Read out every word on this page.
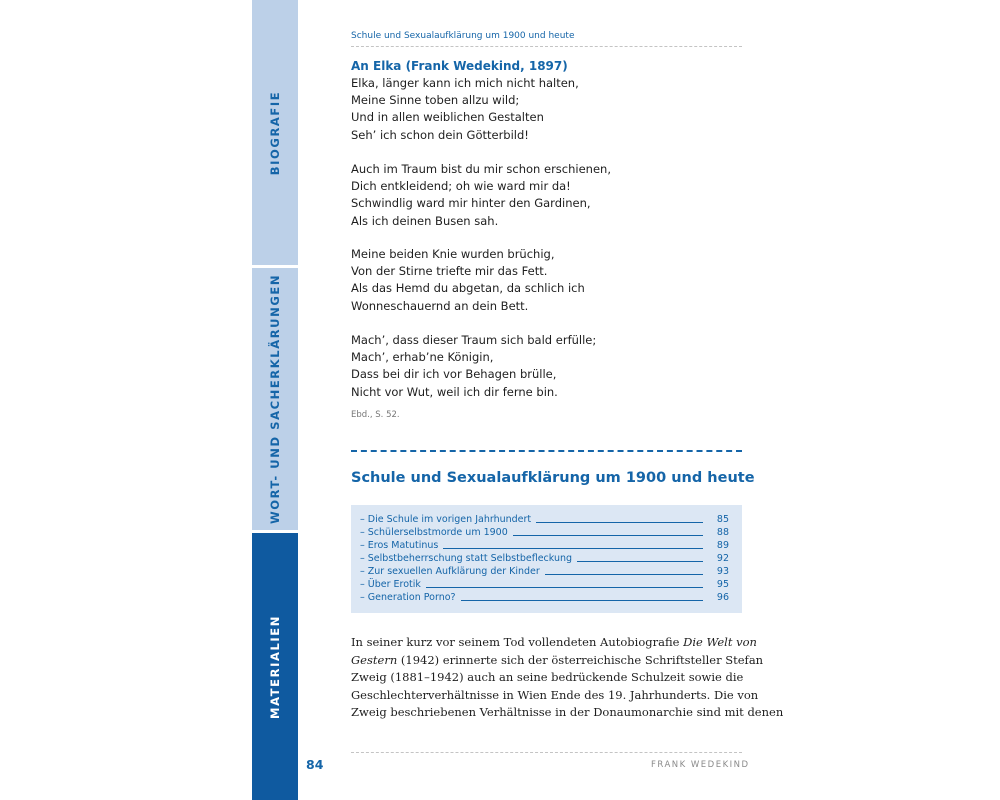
BIOGRAFIE
WORT- UND SACHERKLÄRUNGEN
MATERIALIEN
Schule und Sexualaufklärung um 1900 und heute
An Elka (Frank Wedekind, 1897)
Elka, länger kann ich mich nicht halten,
Meine Sinne toben allzu wild;
Und in allen weiblichen Gestalten
Seh’ ich schon dein Götterbild!
Auch im Traum bist du mir schon erschienen,
Dich entkleidend; oh wie ward mir da!
Schwindlig ward mir hinter den Gardinen,
Als ich deinen Busen sah.
Meine beiden Knie wurden brüchig,
Von der Stirne triefte mir das Fett.
Als das Hemd du abgetan, da schlich ich
Wonneschauernd an dein Bett.
Mach’, dass dieser Traum sich bald erfülle;
Mach’, erhab’ne Königin,
Dass bei dir ich vor Behagen brülle,
Nicht vor Wut, weil ich dir ferne bin.
Ebd., S. 52.
Schule und Sexualaufklärung um 1900 und heute
– Die Schule im vorigen Jahrhundert	85
– Schülerselbstmorde um 1900	88
– Eros Matutinus	89
– Selbstbeherrschung statt Selbstbefleckung	92
– Zur sexuellen Aufklärung der Kinder	93
– Über Erotik	95
– Generation Porno?	96
In seiner kurz vor seinem Tod vollendeten Autobiografie Die Welt von
Gestern (1942) erinnerte sich der österreichische Schriftsteller Stefan
Zweig (1881–1942) auch an seine bedrückende Schulzeit sowie die
Geschlechterverhältnisse in Wien Ende des 19. Jahrhunderts. Die von
Zweig beschriebenen Verhältnisse in der Donaumonarchie sind mit denen
84	FRANK WEDEKIND
